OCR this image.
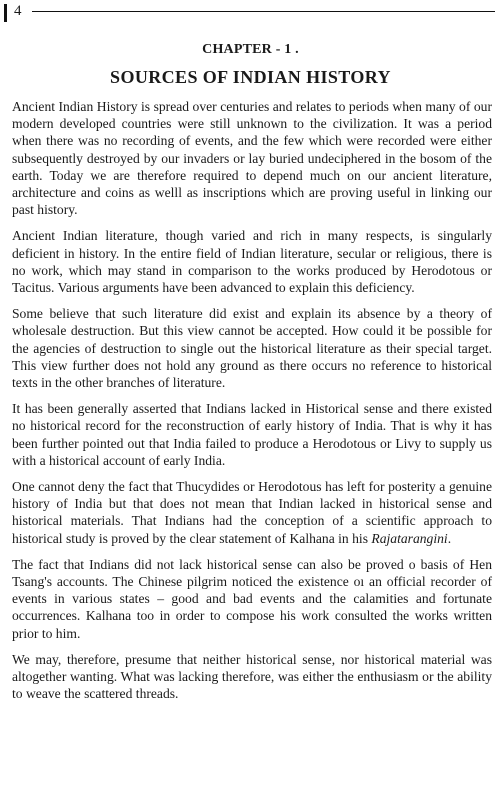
4
CHAPTER - 1 .
SOURCES OF INDIAN HISTORY

Ancient Indian History is spread over centuries and relates to periods when many of our modern developed countries were still unknown to the civilization. It was a period when there was no recording of events, and the few which were recorded were either subsequently destroyed by our invaders or lay buried undeciphered in the bosom of the earth. Today we are therefore required to depend much on our ancient literature, architecture and coins as welll as inscriptions which are proving useful in linking our past history.

Ancient Indian literature, though varied and rich in many respects, is singularly deficient in history. In the entire field of Indian literature, secular or religious, there is no work, which may stand in comparison to the works produced by Herodotous or Tacitus. Various arguments have been advanced to explain this deficiency.

Some believe that such literature did exist and explain its absence by a theory of wholesale destruction. But this view cannot be accepted. How could it be possible for the agencies of destruction to single out the historical literature as their special target. This view further does not hold any ground as there occurs no reference to historical texts in the other branches of literature.

It has been generally asserted that Indians lacked in Historical sense and there existed no historical record for the reconstruction of early history of India. That is why it has been further pointed out that India failed to produce a Herodotous or Livy to supply us with a historical account of early India.

One cannot deny the fact that Thucydides or Herodotous has left for posterity a genuine history of India but that does not mean that Indian lacked in historical sense and historical materials. That Indians had the conception of a scientific approach to historical study is proved by the clear statement of Kalhana in his Rajatarangini.

The fact that Indians did not lack historical sense can also be proved o basis of Hen Tsang's accounts. The Chinese pilgrim noticed the existence oı an official recorder of events in various states – good and bad events and the calamities and fortunate occurrences. Kalhana too in order to compose his work consulted the works written prior to him.

We may, therefore, presume that neither historical sense, nor historical material was altogether wanting. What was lacking therefore, was either the enthusiasm or the ability to weave the scattered threads.
